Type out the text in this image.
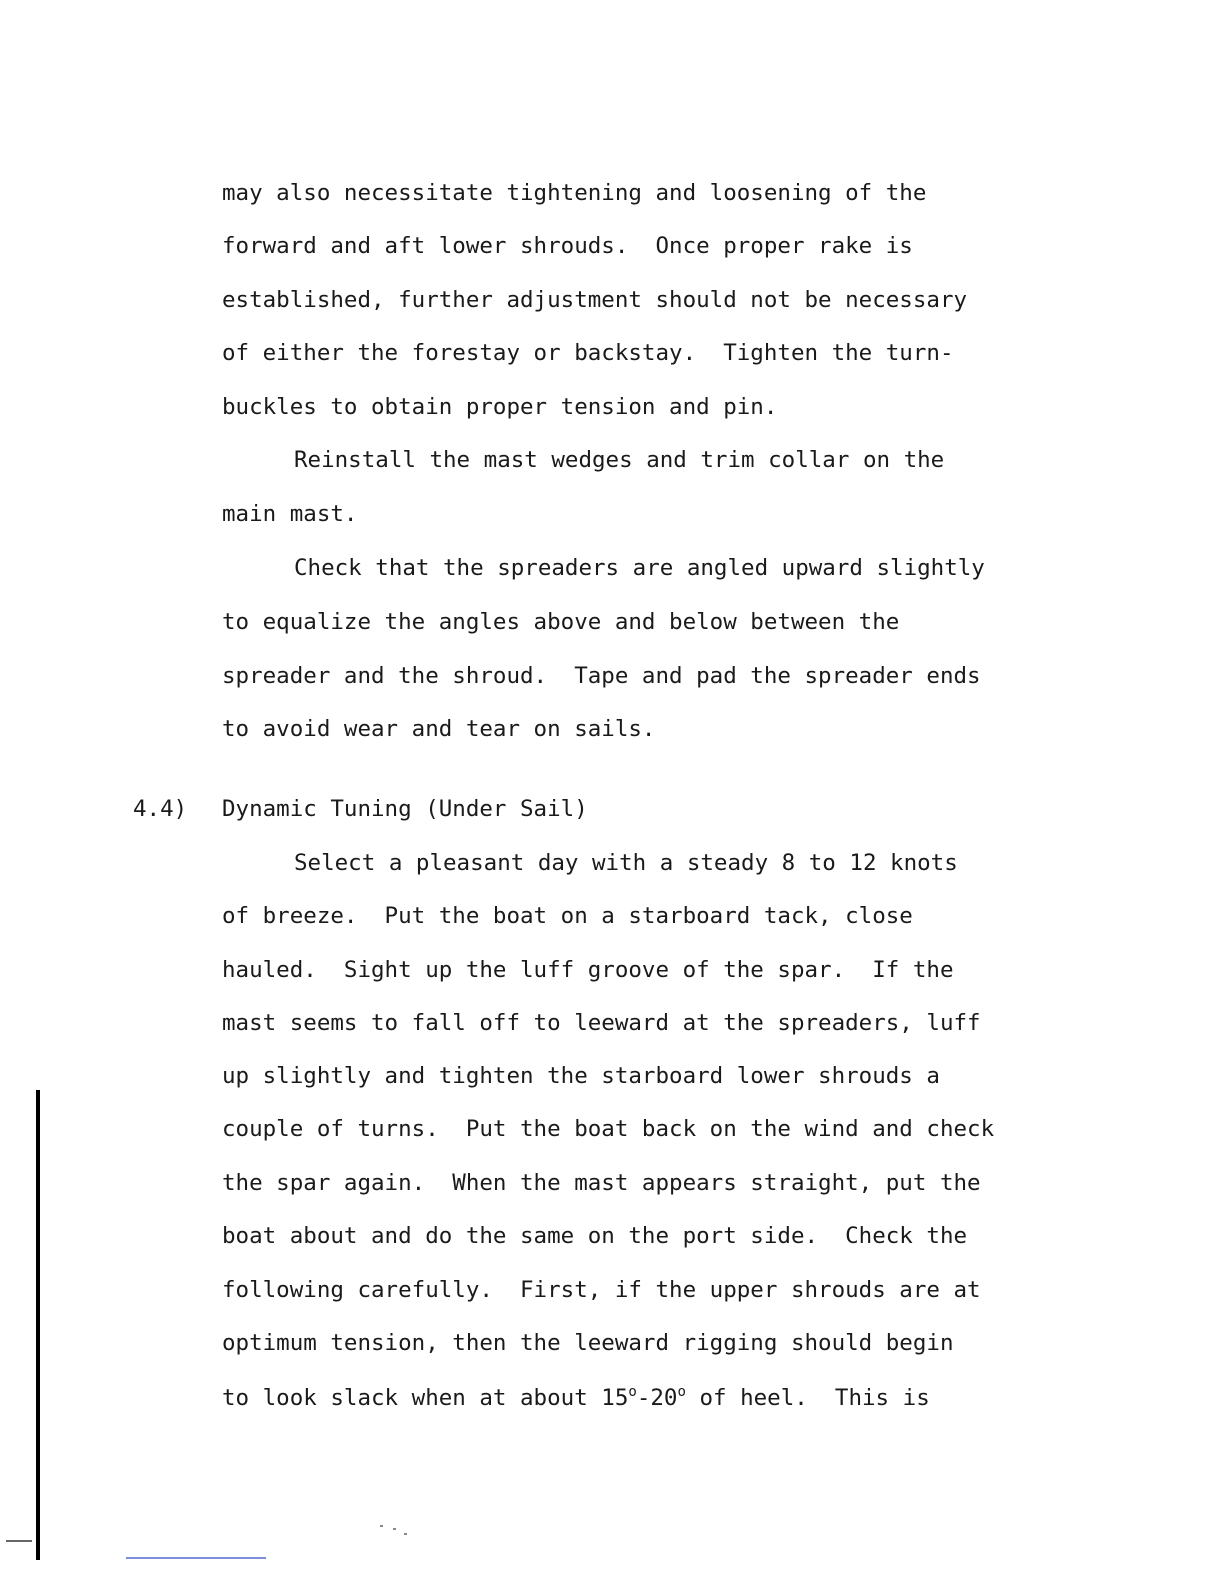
may also necessitate tightening and loosening of the

forward and aft lower shrouds.  Once proper rake is

established, further adjustment should not be necessary

of either the forestay or backstay.  Tighten the turn-

buckles to obtain proper tension and pin.

Reinstall the mast wedges and trim collar on the

main mast.

Check that the spreaders are angled upward slightly

to equalize the angles above and below between the

spreader and the shroud.  Tape and pad the spreader ends

to avoid wear and tear on sails.

4.4) Dynamic Tuning (Under Sail)

Select a pleasant day with a steady 8 to 12 knots

of breeze.  Put the boat on a starboard tack, close

hauled.  Sight up the luff groove of the spar.  If the

mast seems to fall off to leeward at the spreaders, luff

up slightly and tighten the starboard lower shrouds a

couple of turns.  Put the boat back on the wind and check

the spar again.  When the mast appears straight, put the

boat about and do the same on the port side.  Check the

following carefully.  First, if the upper shrouds are at

optimum tension, then the leeward rigging should begin

to look slack when at about 15$^o$-20$^o$ of heel.  This is
